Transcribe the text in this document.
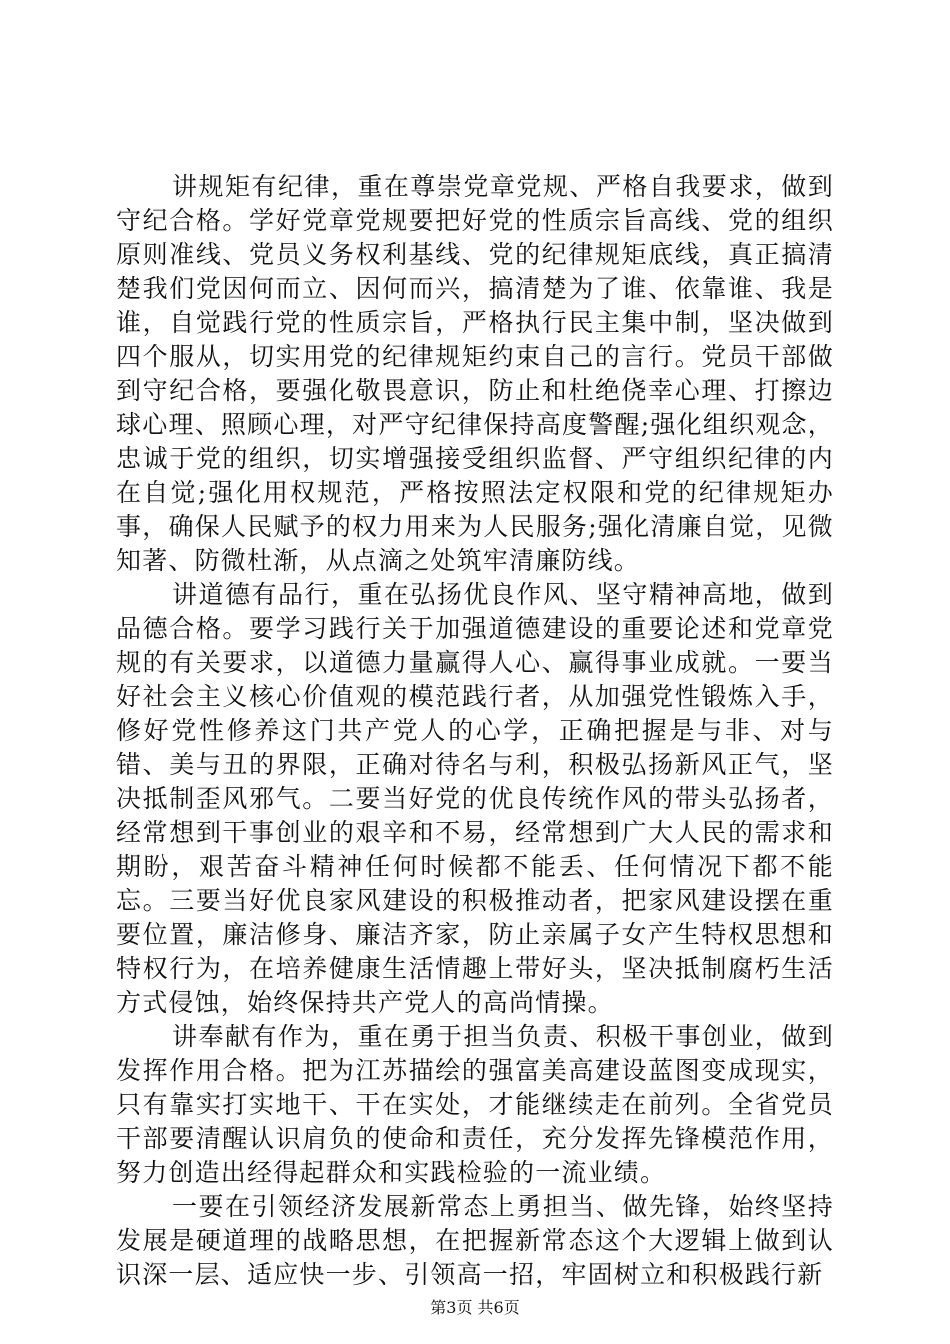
讲规矩有纪律，重在尊崇党章党规、严格自我要求，做到守纪合格。学好党章党规要把好党的性质宗旨高线、党的组织原则准线、党员义务权利基线、党的纪律规矩底线，真正搞清楚我们党因何而立、因何而兴，搞清楚为了谁、依靠谁、我是谁，自觉践行党的性质宗旨，严格执行民主集中制，坚决做到四个服从，切实用党的纪律规矩约束自己的言行。党员干部做到守纪合格，要强化敬畏意识，防止和杜绝侥幸心理、打擦边球心理、照顾心理，对严守纪律保持高度警醒;强化组织观念，忠诚于党的组织，切实增强接受组织监督、严守组织纪律的内在自觉;强化用权规范，严格按照法定权限和党的纪律规矩办事，确保人民赋予的权力用来为人民服务;强化清廉自觉，见微知著、防微杜渐，从点滴之处筑牢清廉防线。

讲道德有品行，重在弘扬优良作风、坚守精神高地，做到品德合格。要学习践行关于加强道德建设的重要论述和党章党规的有关要求，以道德力量赢得人心、赢得事业成就。一要当好社会主义核心价值观的模范践行者，从加强党性锻炼入手，修好党性修养这门共产党人的心学，正确把握是与非、对与错、美与丑的界限，正确对待名与利，积极弘扬新风正气，坚决抵制歪风邪气。二要当好党的优良传统作风的带头弘扬者，经常想到干事创业的艰辛和不易，经常想到广大人民的需求和期盼，艰苦奋斗精神任何时候都不能丢、任何情况下都不能忘。三要当好优良家风建设的积极推动者，把家风建设摆在重要位置，廉洁修身、廉洁齐家，防止亲属子女产生特权思想和特权行为，在培养健康生活情趣上带好头，坚决抵制腐朽生活方式侵蚀，始终保持共产党人的高尚情操。

讲奉献有作为，重在勇于担当负责、积极干事创业，做到发挥作用合格。把为江苏描绘的强富美高建设蓝图变成现实，只有靠实打实地干、干在实处，才能继续走在前列。全省党员干部要清醒认识肩负的使命和责任，充分发挥先锋模范作用，努力创造出经得起群众和实践检验的一流业绩。

一要在引领经济发展新常态上勇担当、做先锋，始终坚持发展是硬道理的战略思想，在把握新常态这个大逻辑上做到认识深一层、适应快一步、引领高一招，牢固树立和积极践行新

第3页 共6页
